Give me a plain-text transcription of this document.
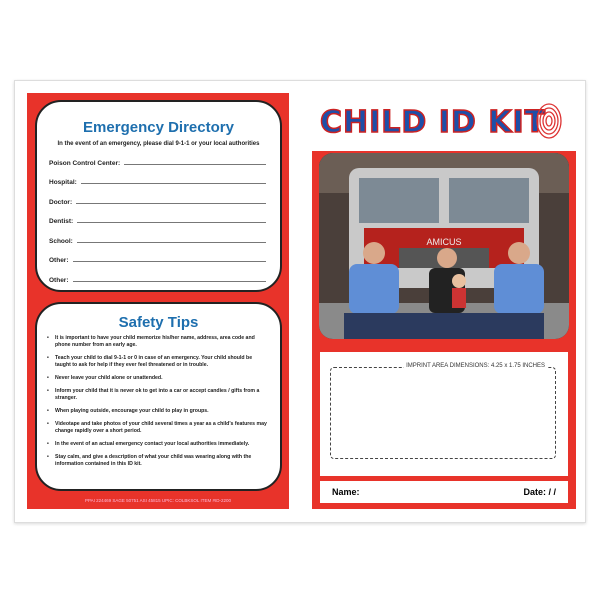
Emergency Directory
In the event of an emergency, please dial 9-1-1 or your local authorities
Poison Control Center:
Hospital:
Doctor:
Dentist:
School:
Other:
Other:
Safety Tips
• It is important to have your child memorize his/her name, address, area code and phone number from an early age.
• Teach your child to dial 9-1-1 or 0 in case of an emergency. Your child should be taught to ask for help if they ever feel threatened or in trouble.
• Never leave your child alone or unattended.
• Inform your child that it is never ok to get into a car or accept candies / gifts from a stranger.
• When playing outside, encourage your child to play in groups.
• Videotape and take photos of your child several times a year as a child's features may change rapidly over a short period.
• In the event of an actual emergency contact your local authorities immediately.
• Stay calm, and give a description of what your child was wearing along with the information contained in this ID kit.
PPAI 224469 SAGE 50751 ASI 45815 UPIC: COLBKSOL ITEM #ID-2200
CHILD ID KIT
AMICUS
IMPRINT AREA DIMENSIONS: 4.25 x 1.75 INCHES
Name:	Date: / /
